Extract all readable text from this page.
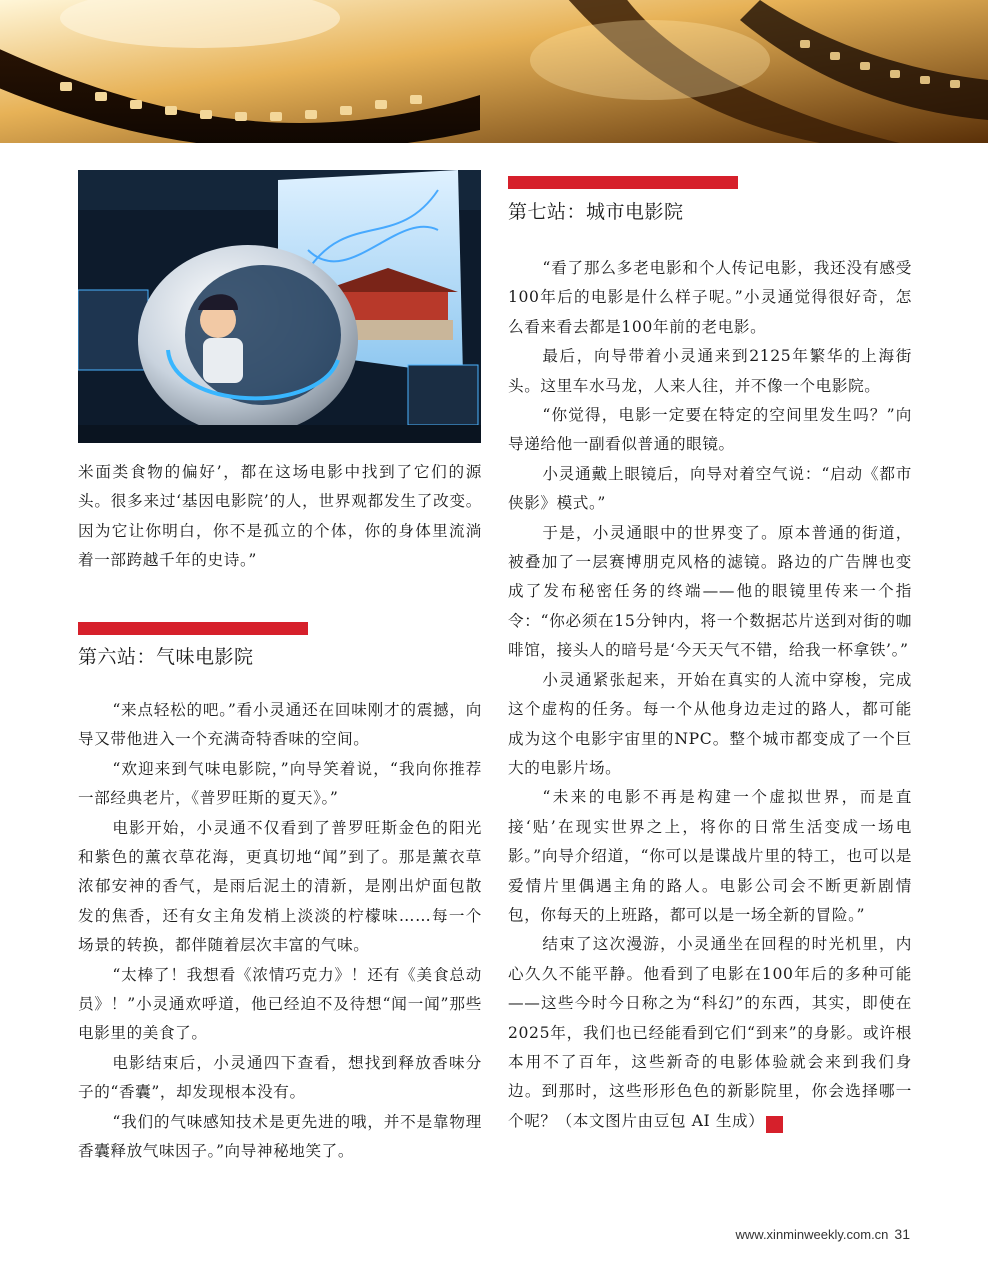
米面类食物的偏好’，都在这场电影中找到了它们的源头。很多来过‘基因电影院’的人，世界观都发生了改变。因为它让你明白，你不是孤立的个体，你的身体里流淌着一部跨越千年的史诗。”

第六站：气味电影院

“来点轻松的吧。”看小灵通还在回味刚才的震撼，向导又带他进入一个充满奇特香味的空间。

“欢迎来到气味电影院，”向导笑着说，“我向你推荐一部经典老片，《普罗旺斯的夏天》。”

电影开始，小灵通不仅看到了普罗旺斯金色的阳光和紫色的薰衣草花海，更真切地“闻”到了。那是薰衣草浓郁安神的香气，是雨后泥土的清新，是刚出炉面包散发的焦香，还有女主角发梢上淡淡的柠檬味……每一个场景的转换，都伴随着层次丰富的气味。

“太棒了！我想看《浓情巧克力》！还有《美食总动员》！”小灵通欢呼道，他已经迫不及待想“闻一闻”那些电影里的美食了。

电影结束后，小灵通四下查看，想找到释放香味分子的“香囊”，却发现根本没有。

“我们的气味感知技术是更先进的哦，并不是靠物理香囊释放气味因子。”向导神秘地笑了。

第七站：城市电影院

“看了那么多老电影和个人传记电影，我还没有感受100年后的电影是什么样子呢。”小灵通觉得很好奇，怎么看来看去都是100年前的老电影。

最后，向导带着小灵通来到2125年繁华的上海街头。这里车水马龙，人来人往，并不像一个电影院。

“你觉得，电影一定要在特定的空间里发生吗？”向导递给他一副看似普通的眼镜。

小灵通戴上眼镜后，向导对着空气说：“启动《都市侠影》模式。”

于是，小灵通眼中的世界变了。原本普通的街道，被叠加了一层赛博朋克风格的滤镜。路边的广告牌也变成了发布秘密任务的终端——他的眼镜里传来一个指令：“你必须在15分钟内，将一个数据芯片送到对街的咖啡馆，接头人的暗号是‘今天天气不错，给我一杯拿铁’。”

小灵通紧张起来，开始在真实的人流中穿梭，完成这个虚构的任务。每一个从他身边走过的路人，都可能成为这个电影宇宙里的NPC。整个城市都变成了一个巨大的电影片场。

“未来的电影不再是构建一个虚拟世界，而是直接‘贴’在现实世界之上，将你的日常生活变成一场电影。”向导介绍道，“你可以是谍战片里的特工，也可以是爱情片里偶遇主角的路人。电影公司会不断更新剧情包，你每天的上班路，都可以是一场全新的冒险。”

结束了这次漫游，小灵通坐在回程的时光机里，内心久久不能平静。他看到了电影在100年后的多种可能——这些今时今日称之为“科幻”的东西，其实，即使在2025年，我们也已经能看到它们“到来”的身影。或许根本用不了百年，这些新奇的电影体验就会来到我们身边。到那时，这些形形色色的新影院里，你会选择哪一个呢？（本文图片由豆包 AI 生成）	民

www.xinminweekly.com.cn 31
